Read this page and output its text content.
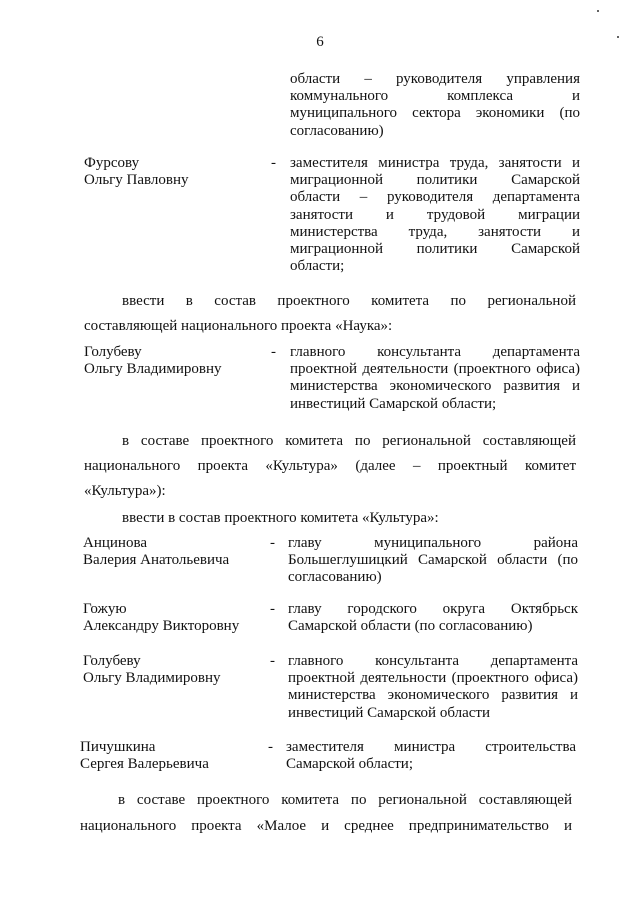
6
области – руководителя управления
коммунального комплекса и
муниципального сектора экономики (по
согласованию)
Фурсову
Ольгу Павловну
- заместителя министра труда, занятости и
миграционной политики Самарской
области – руководителя департамента
занятости и трудовой миграции
министерства труда, занятости и
миграционной политики Самарской
области;
ввести в состав проектного комитета по региональной
составляющей национального проекта «Наука»:
Голубеву
Ольгу Владимировну
- главного консультанта департамента
проектной деятельности (проектного офиса)
министерства экономического развития и
инвестиций Самарской области;
в составе проектного комитета по региональной составляющей
национального проекта «Культура» (далее – проектный комитет
«Культура»):
ввести в состав проектного комитета «Культура»:
Анцинова
Валерия Анатольевича
- главу муниципального района
Большеглушицкий Самарской области (по
согласованию)
Гожую
Александру Викторовну
- главу городского округа Октябрьск
Самарской области (по согласованию)
Голубеву
Ольгу Владимировну
- главного консультанта департамента
проектной деятельности (проектного офиса)
министерства экономического развития и
инвестиций Самарской области
Пичушкина
Сергея Валерьевича
- заместителя министра строительства
Самарской области;
в составе проектного комитета по региональной составляющей
национального проекта «Малое и среднее предпринимательство и
